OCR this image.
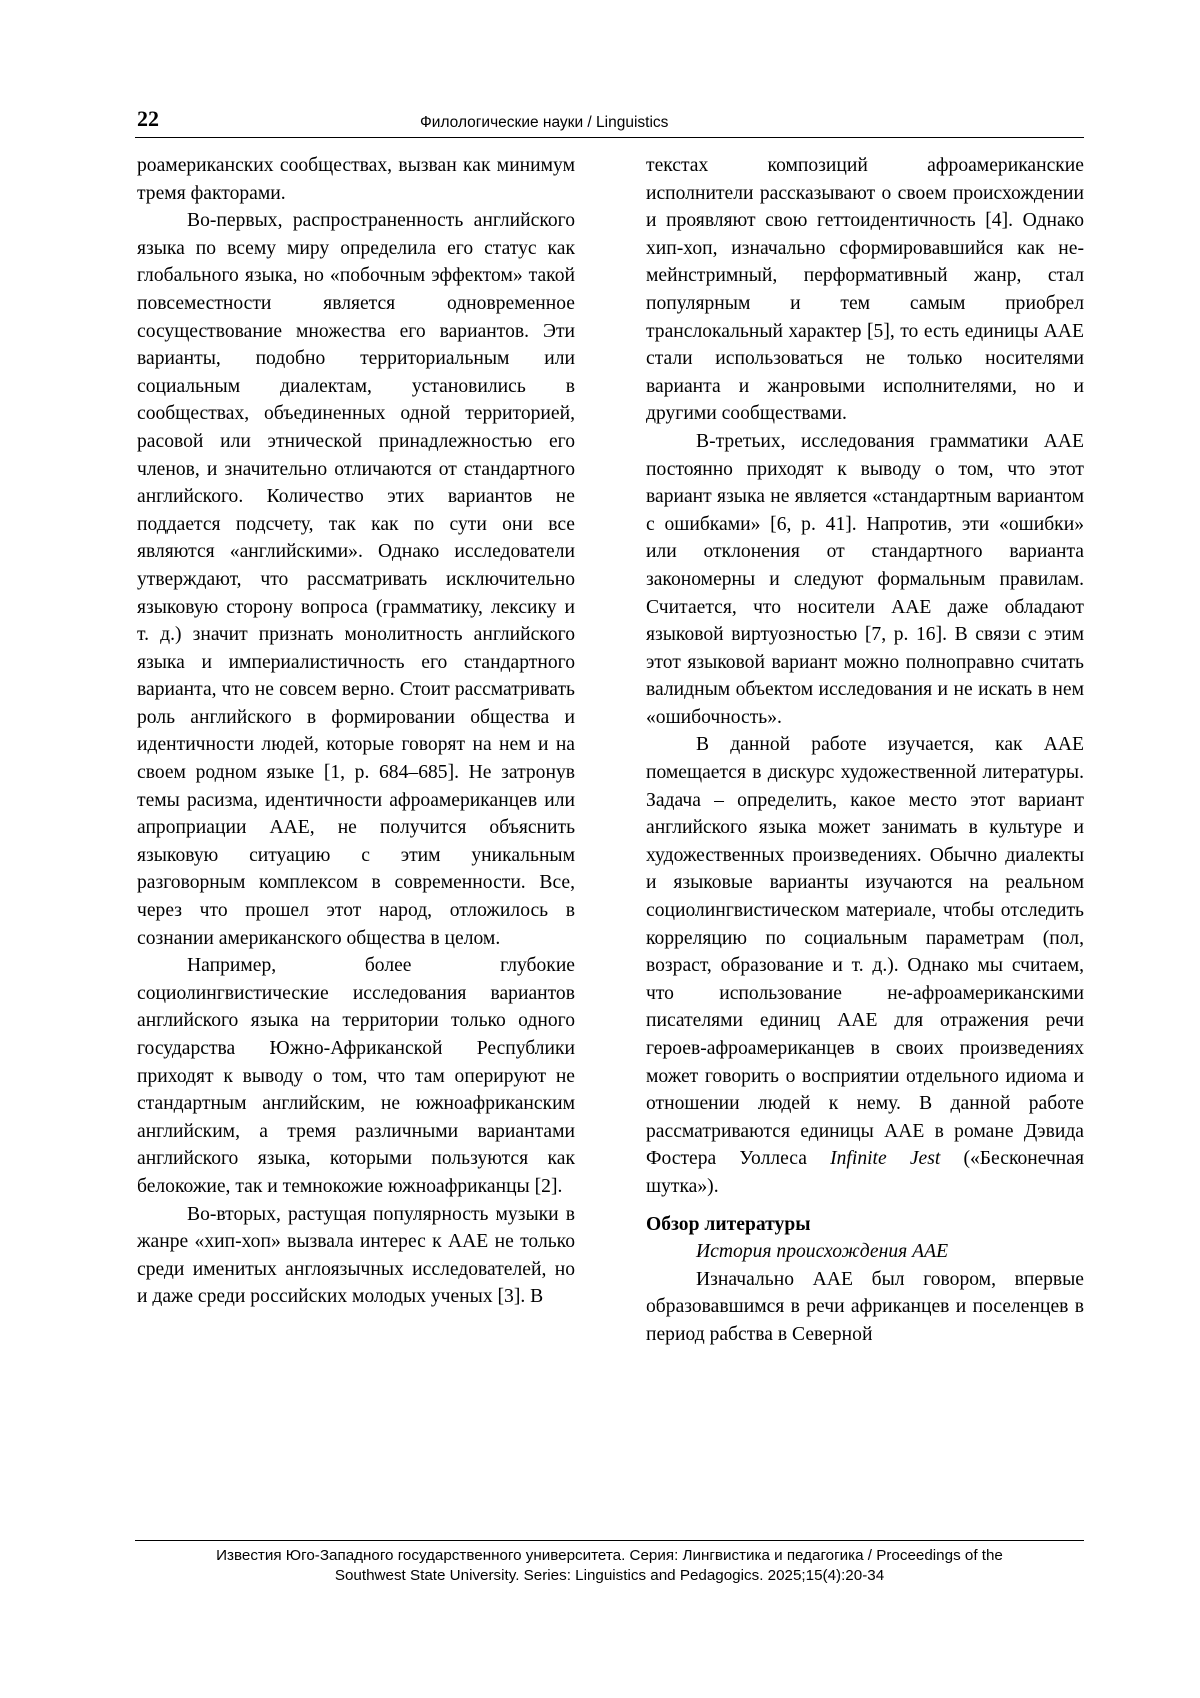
22	Филологические науки / Linguistics

роамериканских сообществах, вызван как минимум тремя факторами.

Во-первых, распространенность английского языка по всему миру определила его статус как глобального языка, но «побочным эффектом» такой повсеместности является одновременное сосуществование множества его вариантов. Эти варианты, подобно территориальным или социальным диалектам, установились в сообществах, объединенных одной территорией, расовой или этнической принадлежностью его членов, и значительно отличаются от стандартного английского. Количество этих вариантов не поддается подсчету, так как по сути они все являются «английскими». Однако исследователи утверждают, что рассматривать исключительно языковую сторону вопроса (грамматику, лексику и т. д.) значит признать монолитность английского языка и империалистичность его стандартного варианта, что не совсем верно. Стоит рассматривать роль английского в формировании общества и идентичности людей, которые говорят на нем и на своем родном языке [1, p. 684–685]. Не затронув темы расизма, идентичности афроамериканцев или апроприации ААЕ, не получится объяснить языковую ситуацию с этим уникальным разговорным комплексом в современности. Все, через что прошел этот народ, отложилось в сознании американского общества в целом.

Например, более глубокие социолингвистические исследования вариантов английского языка на территории только одного государства Южно-Африканской Республики приходят к выводу о том, что там оперируют не стандартным английским, не южноафриканским английским, а тремя различными вариантами английского языка, которыми пользуются как белокожие, так и темнокожие южноафриканцы [2].

Во-вторых, растущая популярность музыки в жанре «хип-хоп» вызвала интерес к ААЕ не только среди именитых англоязычных исследователей, но и даже среди российских молодых ученых [3]. В

текстах композиций афроамериканские исполнители рассказывают о своем происхождении и проявляют свою геттоидентичность [4]. Однако хип-хоп, изначально сформировавшийся как не-мейнстримный, перформативный жанр, стал популярным и тем самым приобрел транслокальный характер [5], то есть единицы ААЕ стали использоваться не только носителями варианта и жанровыми исполнителями, но и другими сообществами.

В-третьих, исследования грамматики ААЕ постоянно приходят к выводу о том, что этот вариант языка не является «стандартным вариантом с ошибками» [6, p. 41]. Напротив, эти «ошибки» или отклонения от стандартного варианта закономерны и следуют формальным правилам. Считается, что носители ААЕ даже обладают языковой виртуозностью [7, p. 16]. В связи с этим этот языковой вариант можно полноправно считать валидным объектом исследования и не искать в нем «ошибочность».

В данной работе изучается, как ААЕ помещается в дискурс художественной литературы. Задача – определить, какое место этот вариант английского языка может занимать в культуре и художественных произведениях. Обычно диалекты и языковые варианты изучаются на реальном социолингвистическом материале, чтобы отследить корреляцию по социальным параметрам (пол, возраст, образование и т. д.). Однако мы считаем, что использование не-афроамериканскими писателями единиц ААЕ для отражения речи героев-афроамериканцев в своих произведениях может говорить о восприятии отдельного идиома и отношении людей к нему. В данной работе рассматриваются единицы ААЕ в романе Дэвида Фостера Уоллеса Infinite Jest («Бесконечная шутка»).

Обзор литературы

История происхождения ААЕ

Изначально ААЕ был говором, впервые образовавшимся в речи африканцев и поселенцев в период рабства в Северной

Известия Юго-Западного государственного университета. Серия: Лингвистика и педагогика / Proceedings of the
Southwest State University. Series: Linguistics and Pedagogics. 2025;15(4):20-34
